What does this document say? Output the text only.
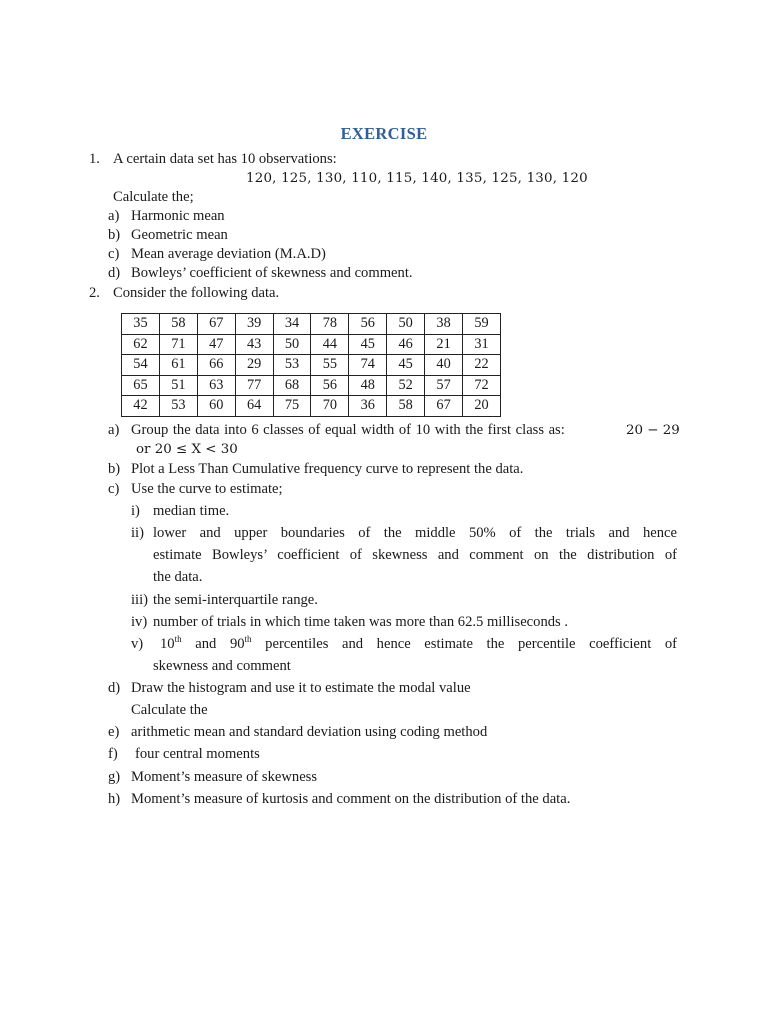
EXERCISE
1. A certain data set has 10 observations:
120, 125, 130, 110, 115, 140, 135, 125, 130, 120
Calculate the;
a) Harmonic mean
b) Geometric mean
c) Mean average deviation (M.A.D)
d) Bowleys’ coefficient of skewness and comment.
2. Consider the following data.
35	58	67	39	34	78	56	50	38	59
62	71	47	43	50	44	45	46	21	31
54	61	66	29	53	55	74	45	40	22
65	51	63	77	68	56	48	52	57	72
42	53	60	64	75	70	36	58	67	20
a) Group the data into 6 classes of equal width of 10 with the first class as:	20 − 29
or 20 ≤ X < 30
b) Plot a Less Than Cumulative frequency curve to represent the data.
c) Use the curve to estimate;
i) median time.
ii) lower and upper boundaries of the middle 50% of the trials and hence
estimate Bowleys’ coefficient of skewness and comment on the distribution of
the data.
iii) the semi-interquartile range.
iv) number of trials in which time taken was more than 62.5 milliseconds .
v) 10th and 90th percentiles and hence estimate the percentile coefficient of
skewness and comment
d) Draw the histogram and use it to estimate the modal value
Calculate the
e) arithmetic mean and standard deviation using coding method
f) four central moments
g) Moment’s measure of skewness
h) Moment’s measure of kurtosis and comment on the distribution of the data.
